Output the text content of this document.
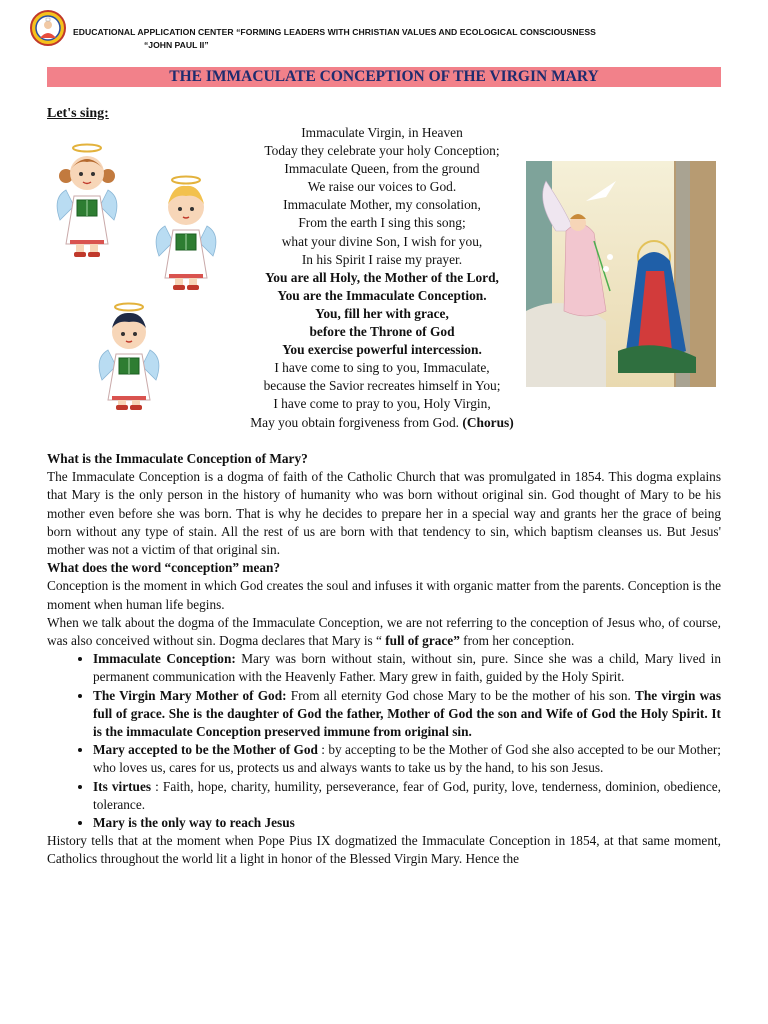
EDUCATIONAL APPLICATION CENTER “FORMING LEADERS WITH CHRISTIAN VALUES AND ECOLOGICAL CONSCIOUSNESS
“JOHN PAUL II”
THE IMMACULATE CONCEPTION OF THE VIRGIN MARY
Let's sing:
Immaculate Virgin, in Heaven
Today they celebrate your holy Conception;
Immaculate Queen, from the ground
We raise our voices to God.
Immaculate Mother, my consolation,
From the earth I sing this song;
what your divine Son, I wish for you,
In his Spirit I raise my prayer.
You are all Holy, the Mother of the Lord,
You are the Immaculate Conception.
You, fill her with grace,
before the Throne of God
You exercise powerful intercession.
I have come to sing to you, Immaculate,
because the Savior recreates himself in You;
I have come to pray to you, Holy Virgin,
May you obtain forgiveness from God. (Chorus)

What is the Immaculate Conception of Mary?

The Immaculate Conception is a dogma of faith of the Catholic Church that was promulgated in 1854. This dogma explains that Mary is the only person in the history of humanity who was born without original sin. God thought of Mary to be his mother even before she was born. That is why he decides to prepare her in a special way and grants her the grace of being born without any type of stain. All the rest of us are born with that tendency to sin, which baptism cleanses us. But Jesus' mother was not a victim of that original sin.

What does the word “conception” mean?

Conception is the moment in which God creates the soul and infuses it with organic matter from the parents. Conception is the moment when human life begins.

When we talk about the dogma of the Immaculate Conception, we are not referring to the conception of Jesus who, of course, was also conceived without sin. Dogma declares that Mary is “ full of grace” from her conception.

• Immaculate Conception: Mary was born without stain, without sin, pure. Since she was a child, Mary lived in permanent communication with the Heavenly Father. Mary grew in faith, guided by the Holy Spirit.
• The Virgin Mary Mother of God: From all eternity God chose Mary to be the mother of his son. The virgin was full of grace. She is the daughter of God the father, Mother of God the son and Wife of God the Holy Spirit. It is the immaculate Conception preserved immune from original sin.
• Mary accepted to be the Mother of God : by accepting to be the Mother of God she also accepted to be our Mother; who loves us, cares for us, protects us and always wants to take us by the hand, to his son Jesus.
• Its virtues : Faith, hope, charity, humility, perseverance, fear of God, purity, love, tenderness, dominion, obedience, tolerance.
• Mary is the only way to reach Jesus

History tells that at the moment when Pope Pius IX dogmatized the Immaculate Conception in 1854, at that same moment, Catholics throughout the world lit a light in honor of the Blessed Virgin Mary. Hence the
